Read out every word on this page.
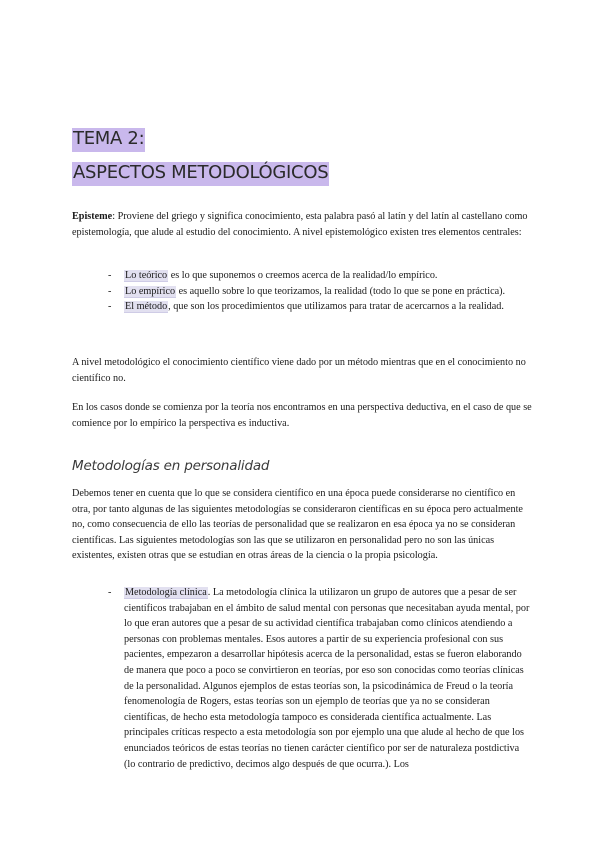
TEMA 2:
ASPECTOS METODOLÓGICOS

Episteme: Proviene del griego y significa conocimiento, esta palabra pasó al latín y del latín al castellano como epistemología, que alude al estudio del conocimiento. A nivel epistemológico existen tres elementos centrales:

- Lo teórico es lo que suponemos o creemos acerca de la realidad/lo empírico.
- Lo empírico es aquello sobre lo que teorizamos, la realidad (todo lo que se pone en práctica).
- El método, que son los procedimientos que utilizamos para tratar de acercarnos a la realidad.

A nivel metodológico el conocimiento científico viene dado por un método mientras que en el conocimiento no científico no.

En los casos donde se comienza por la teoría nos encontramos en una perspectiva deductiva, en el caso de que se comience por lo empírico la perspectiva es inductiva.

Metodologías en personalidad

Debemos tener en cuenta que lo que se considera científico en una época puede considerarse no científico en otra, por tanto algunas de las siguientes metodologías se consideraron científicas en su época pero actualmente no, como consecuencia de ello las teorías de personalidad que se realizaron en esa época ya no se consideran científicas. Las siguientes metodologías son las que se utilizaron en personalidad pero no son las únicas existentes, existen otras que se estudian en otras áreas de la ciencia o la propia psicología.

- Metodología clínica. La metodología clínica la utilizaron un grupo de autores que a pesar de ser científicos trabajaban en el ámbito de salud mental con personas que necesitaban ayuda mental, por lo que eran autores que a pesar de su actividad científica trabajaban como clínicos atendiendo a personas con problemas mentales. Esos autores a partir de su experiencia profesional con sus pacientes, empezaron a desarrollar hipótesis acerca de la personalidad, estas se fueron elaborando de manera que poco a poco se convirtieron en teorías, por eso son conocidas como teorías clínicas de la personalidad. Algunos ejemplos de estas teorías son, la psicodinámica de Freud o la teoría fenomenología de Rogers, estas teorías son un ejemplo de teorías que ya no se consideran científicas, de hecho esta metodología tampoco es considerada científica actualmente. Las principales críticas respecto a esta metodología son por ejemplo una que alude al hecho de que los enunciados teóricos de estas teorías no tienen carácter científico por ser de naturaleza postdictiva (lo contrario de predictivo, decimos algo después de que ocurra.). Los
